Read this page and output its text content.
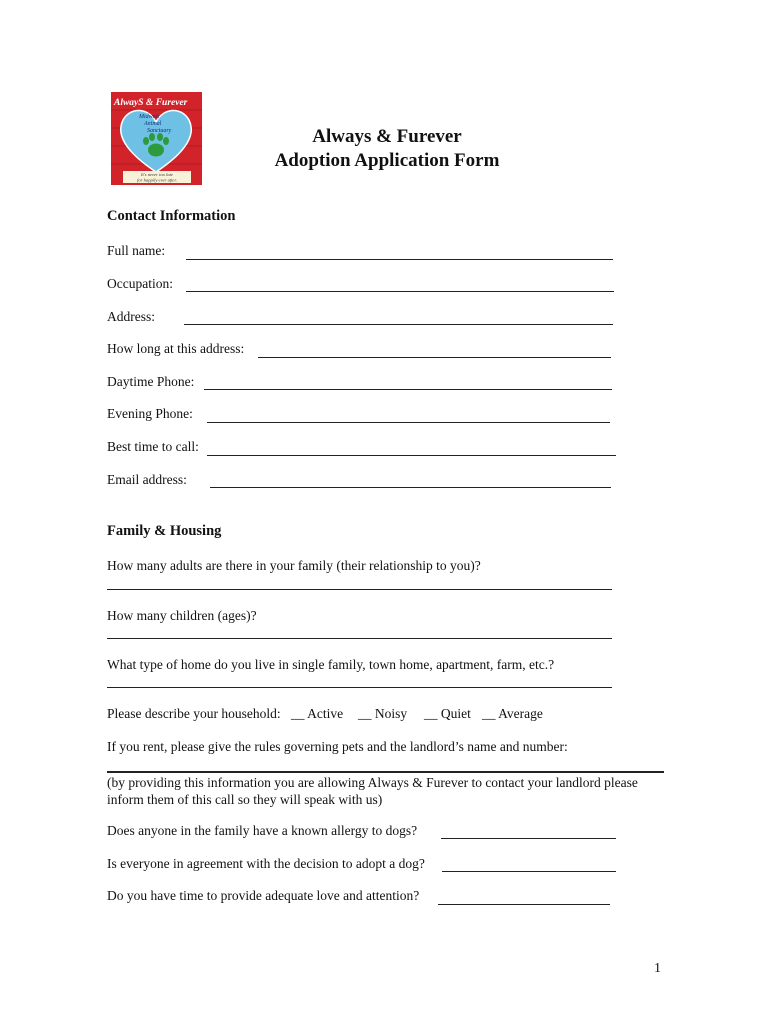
AlwayS & Furever
Midwest
Animal
Sanctuary
It's never too late
for happily ever after.
Always & Furever
Adoption Application Form
Contact Information
Full name:
Occupation:
Address:
How long at this address:
Daytime Phone:
Evening Phone:
Best time to call:
Email address:
Family & Housing
How many adults are there in your family (their relationship to you)?
How many children (ages)?
What type of home do you live in single family, town home, apartment, farm, etc.?
Please describe your household: __ Active __ Noisy __ Quiet __ Average
If you rent, please give the rules governing pets and the landlord’s name and number:
(by providing this information you are allowing Always & Furever to contact your landlord please
inform them of this call so they will speak with us)
Does anyone in the family have a known allergy to dogs?
Is everyone in agreement with the decision to adopt a dog?
Do you have time to provide adequate love and attention?
1
